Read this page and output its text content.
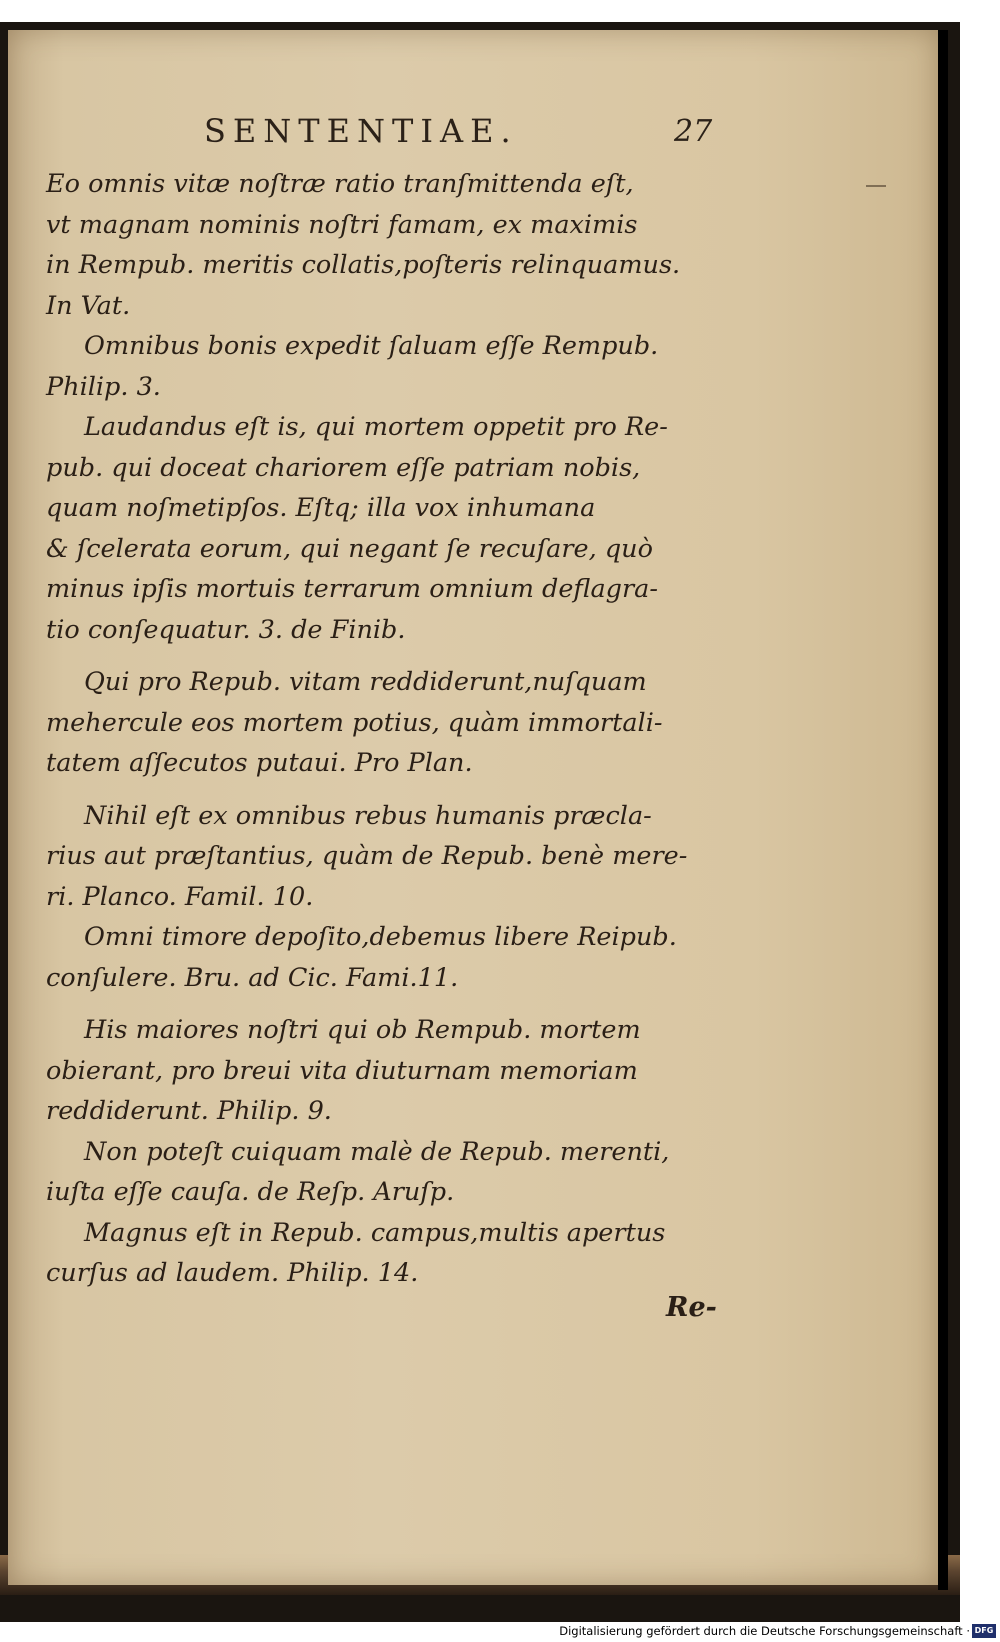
SENTENTIAE.	27
Eo omnis vitæ noſtræ ratio tranſmittenda eſt,
vt magnam nominis noſtri famam, ex maximis
in Rempub. meritis collatis,poſteris relinquamus.
In Vat.
Omnibus bonis expedit ſaluam eſſe Rempub.
Philip. 3.
Laudandus eſt is, qui mortem oppetit pro Re-
pub. qui doceat chariorem eſſe patriam nobis,
quam noſmetipſos. Eſtq; illa vox inhumana
& ſcelerata eorum, qui negant ſe recuſare, quò
minus ipſis mortuis terrarum omnium deflagra-
tio conſequatur. 3. de Finib.
Qui pro Repub. vitam reddiderunt,nuſquam
mehercule eos mortem potius, quàm immortali-
tatem aſſecutos putaui. Pro Plan.
Nihil eſt ex omnibus rebus humanis præcla-
rius aut præſtantius, quàm de Repub. benè mere-
ri. Planco. Famil. 10.
Omni timore depoſito,debemus libere Reipub.
conſulere. Bru. ad Cic. Fami.11.
His maiores noſtri qui ob Rempub. mortem
obierant, pro breui vita diuturnam memoriam
reddiderunt. Philip. 9.
Non poteſt cuiquam malè de Repub. merenti,
iuſta eſſe cauſa. de Reſp. Aruſp.
Magnus eſt in Repub. campus,multis apertus
curſus ad laudem. Philip. 14.
Re-
Digitalisierung gefördert durch die Deutsche Forschungsgemeinschaft · DFG
